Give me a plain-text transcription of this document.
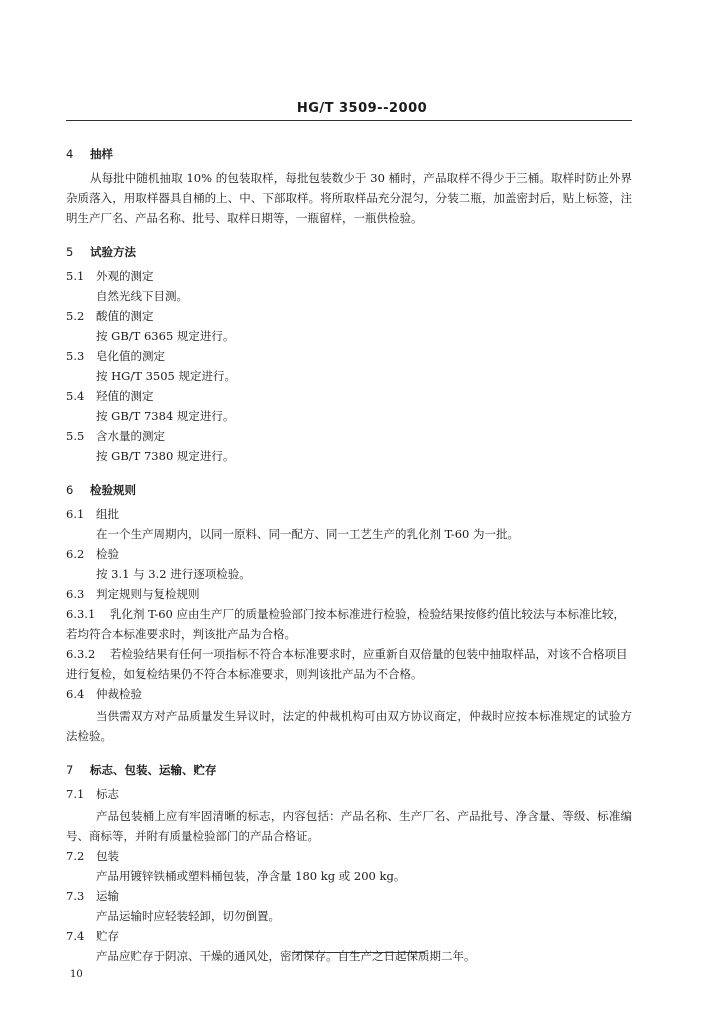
HG/T 3509--2000
4 抽样

从每批中随机抽取 10% 的包装取样，每批包装数少于 30 桶时，产品取样不得少于三桶。取样时防止外界杂质落入，用取样器具自桶的上、中、下部取样。将所取样品充分混匀，分装二瓶，加盖密封后，贴上标签，注明生产厂名、产品名称、批号、取样日期等，一瓶留样，一瓶供检验。

5 试验方法

5.1 外观的测定

自然光线下目测。

5.2 酸值的测定

按 GB/T 6365 规定进行。

5.3 皂化值的测定

按 HG/T 3505 规定进行。

5.4 羟值的测定

按 GB/T 7384 规定进行。

5.5 含水量的测定

按 GB/T 7380 规定进行。

6 检验规则

6.1 组批

在一个生产周期内，以同一原料、同一配方、同一工艺生产的乳化剂 T-60 为一批。

6.2 检验

按 3.1 与 3.2 进行逐项检验。

6.3 判定规则与复检规则

6.3.1 乳化剂 T-60 应由生产厂的质量检验部门按本标准进行检验，检验结果按修约值比较法与本标准比较，若均符合本标准要求时，判该批产品为合格。

6.3.2 若检验结果有任何一项指标不符合本标准要求时，应重新自双倍量的包装中抽取样品，对该不合格项目进行复检，如复检结果仍不符合本标准要求，则判该批产品为不合格。

6.4 仲裁检验

当供需双方对产品质量发生异议时，法定的仲裁机构可由双方协议商定，仲裁时应按本标准规定的试验方法检验。

7 标志、包装、运输、贮存

7.1 标志

产品包装桶上应有牢固清晰的标志，内容包括：产品名称、生产厂名、产品批号、净含量、等级、标准编号、商标等，并附有质量检验部门的产品合格证。

7.2 包装

产品用镀锌铁桶或塑料桶包装，净含量 180 kg 或 200 kg。

7.3 运输

产品运输时应轻装轻卸，切勿倒置。

7.4 贮存

产品应贮存于阴凉、干燥的通风处，密闭保存。自生产之日起保质期二年。

10
